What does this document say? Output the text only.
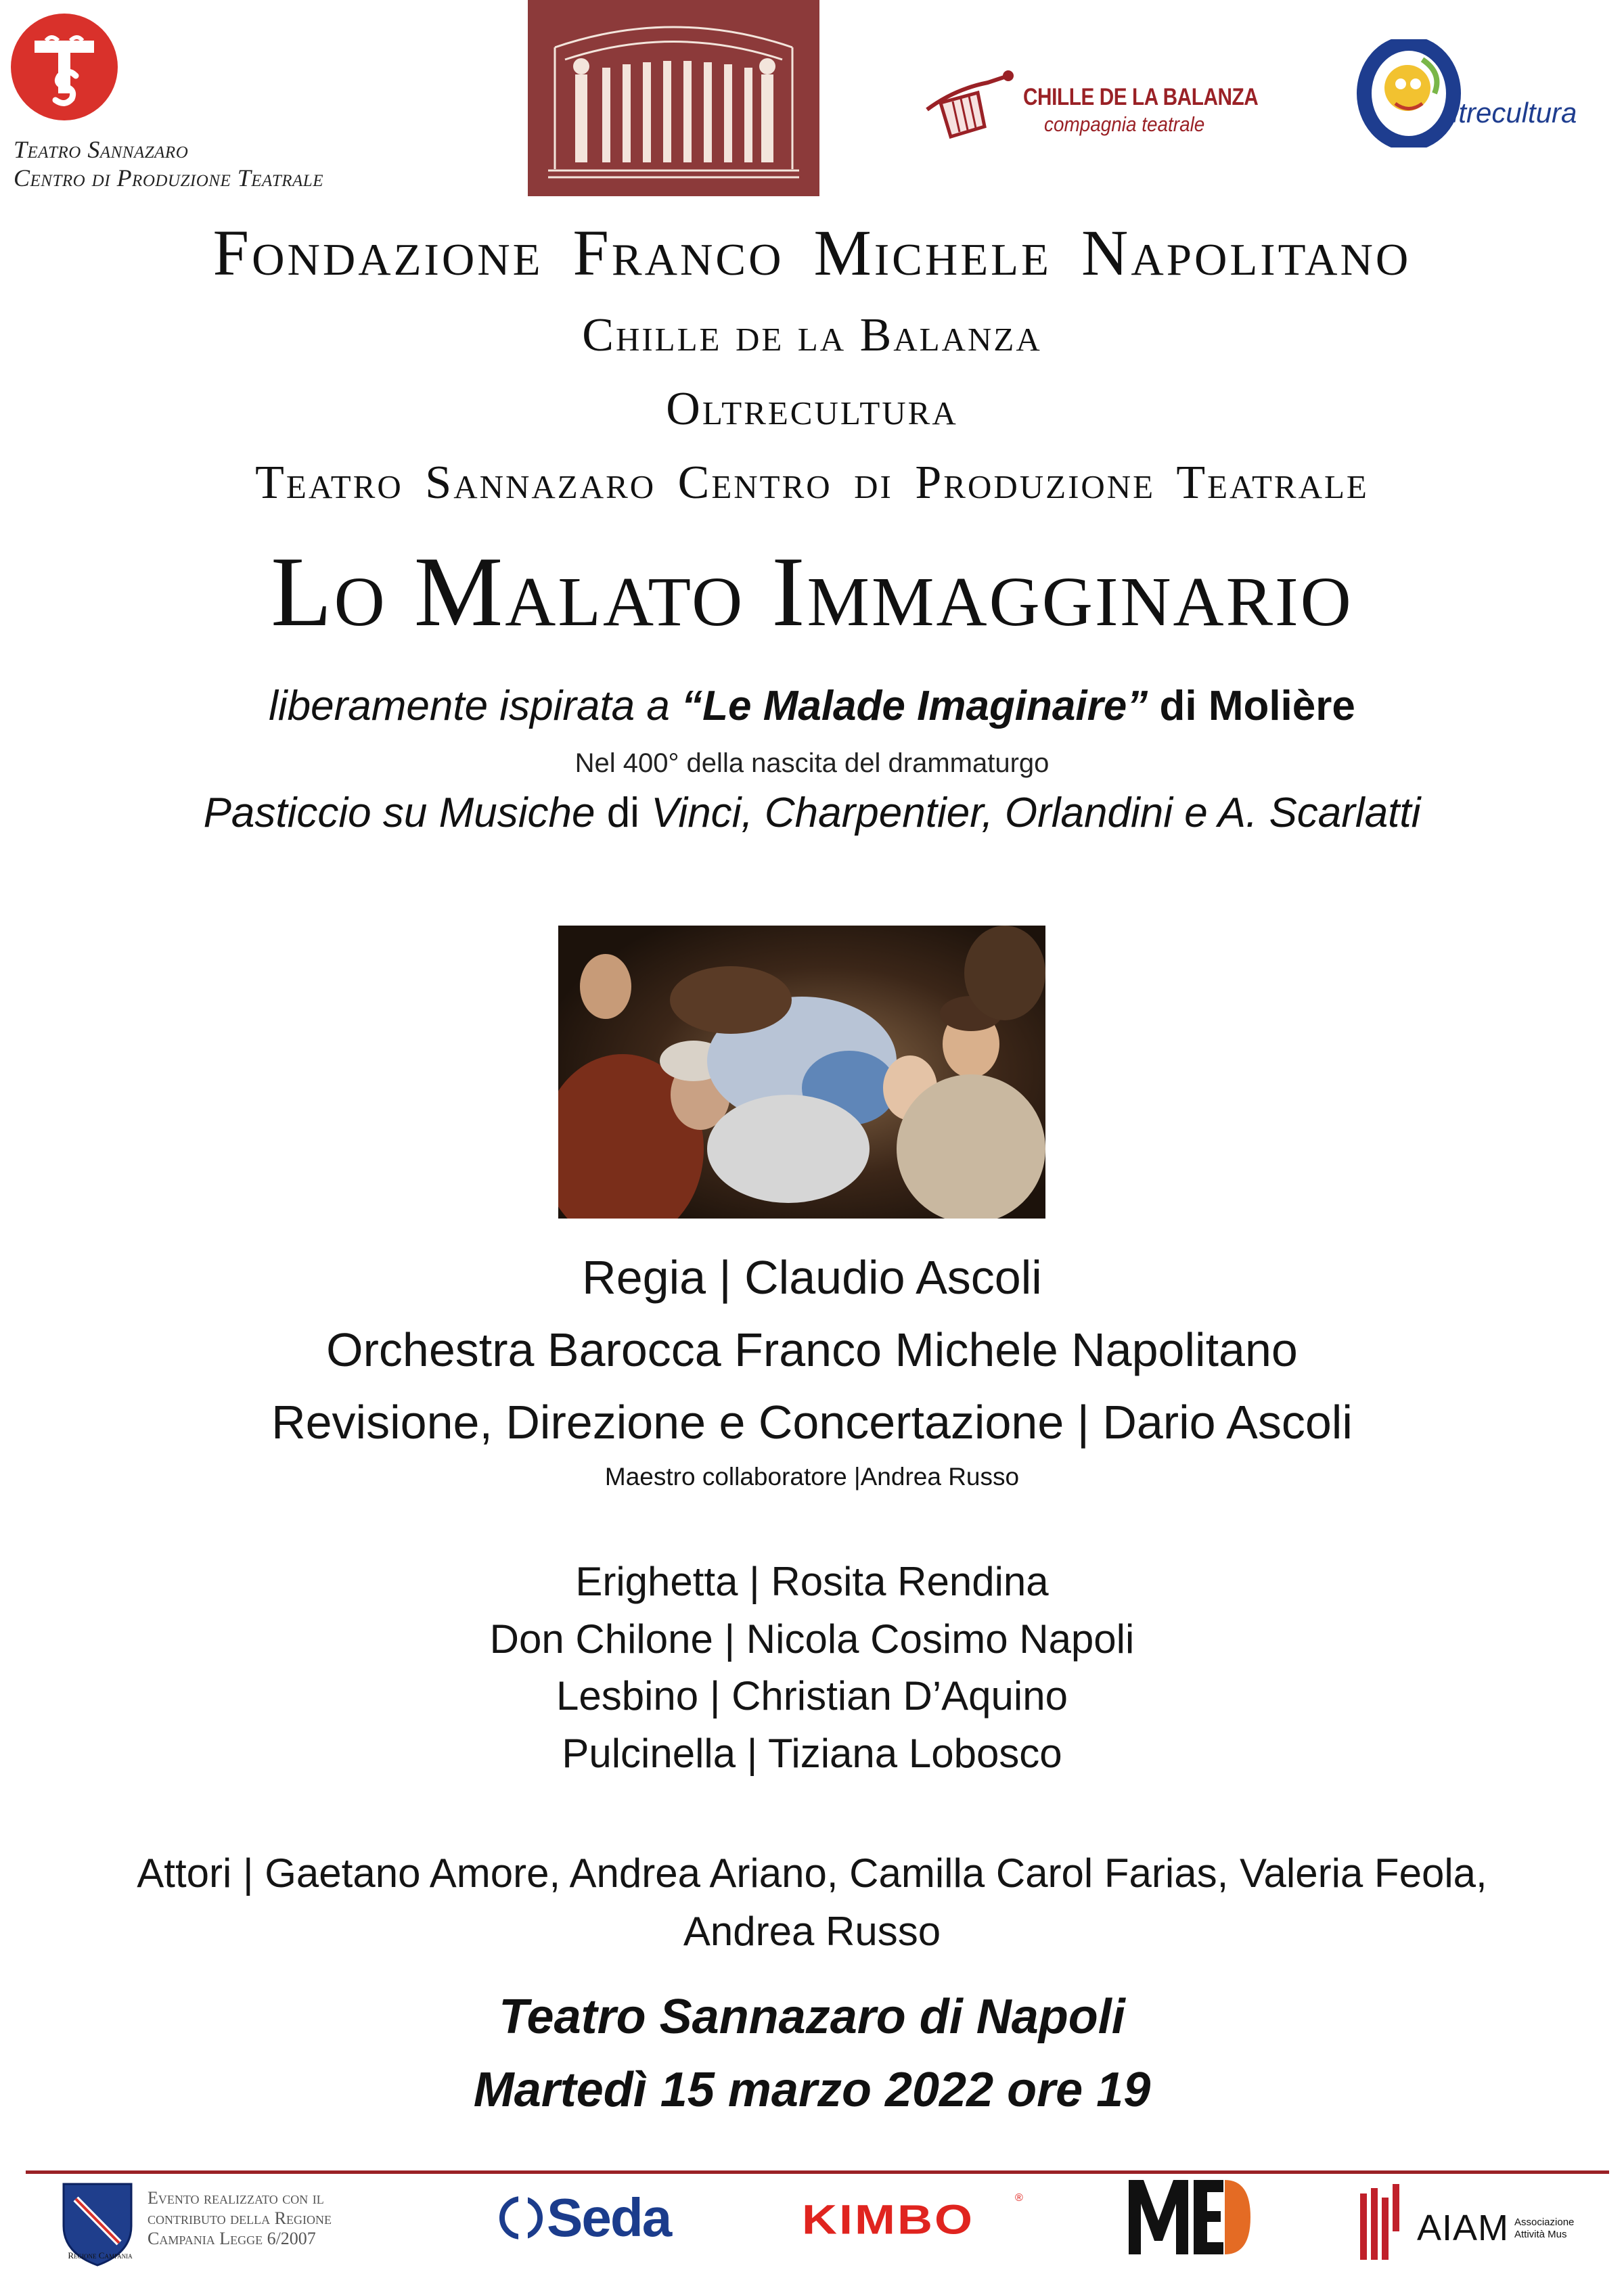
Teatro Sannazaro
Centro di Produzione Teatrale
CHILLE DE LA BALANZA
compagnia teatrale	ltrecultura
Fondazione Franco Michele Napolitano
Chille de la Balanza
Oltrecultura
Teatro Sannazaro Centro di Produzione Teatrale
Lo Malato Immagginario
liberamente ispirata a “Le Malade Imaginaire” di Molière
Nel 400° della nascita del drammaturgo
Pasticcio su Musiche di Vinci, Charpentier, Orlandini e A. Scarlatti
Regia | Claudio Ascoli
Orchestra Barocca Franco Michele Napolitano
Revisione, Direzione e Concertazione | Dario Ascoli
Maestro collaboratore |Andrea Russo
Erighetta | Rosita Rendina
Don Chilone | Nicola Cosimo Napoli
Lesbino | Christian D’Aquino
Pulcinella | Tiziana Lobosco
Attori | Gaetano Amore, Andrea Ariano, Camilla Carol Farias, Valeria Feola, Andrea Russo
Teatro Sannazaro di Napoli
Martedì 15 marzo 2022 ore 19
Regione Campania
Evento realizzato con il
contributo della Regione
Campania Legge 6/2007	Seda	KIMBO	®
AIAM Associazione
Attività Mus
